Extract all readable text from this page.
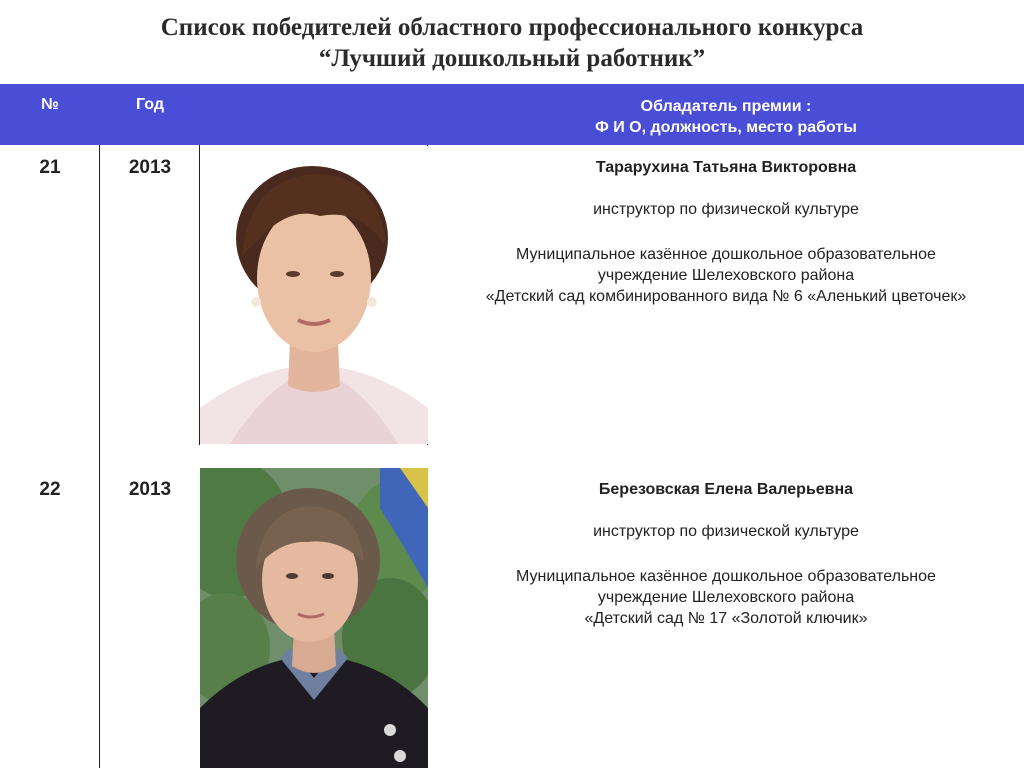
Список победителей областного профессионального конкурса
“Лучший дошкольный работник”
№	Год	Обладатель премии :
Ф И О, должность, место работы
21	2013	Тарарухина Татьяна Викторовна
инструктор по физической культуре
Муниципальное казённое дошкольное образовательное
учреждение Шелеховского района
«Детский сад комбинированного вида № 6 «Аленький цветочек»
22	2013	Березовская Елена Валерьевна
инструктор по физической культуре
Муниципальное казённое дошкольное образовательное
учреждение Шелеховского района
«Детский сад № 17 «Золотой ключик»
